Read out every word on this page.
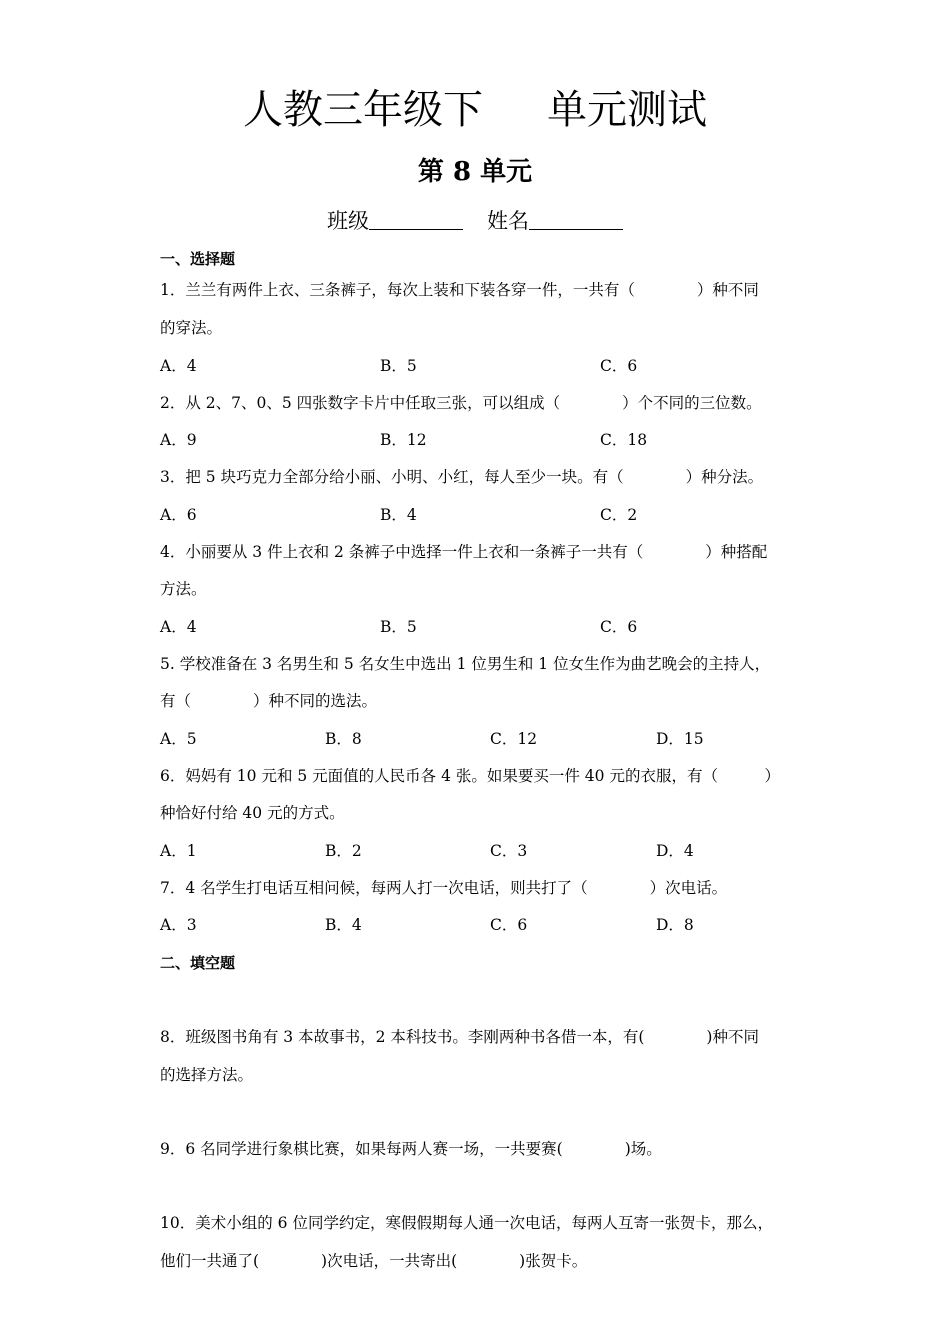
人教三年级下 单元测试
第 8 单元
班级	姓名
一、选择题
1．兰兰有两件上衣、三条裤子，每次上装和下装各穿一件，一共有（　　　　）种不同
的穿法。
A．4	B．5	C．6
2．从 2、7、0、5 四张数字卡片中任取三张，可以组成（　　　　）个不同的三位数。
A．9	B．12	C．18
3．把 5 块巧克力全部分给小丽、小明、小红，每人至少一块。有（　　　　）种分法。
A．6	B．4	C．2
4．小丽要从 3 件上衣和 2 条裤子中选择一件上衣和一条裤子一共有（　　　　）种搭配
方法。
A．4	B．5	C．6
5. 学校准备在 3 名男生和 5 名女生中选出 1 位男生和 1 位女生作为曲艺晚会的主持人，
有（　　　　）种不同的选法。
A．5	B．8	C．12	D．15
6．妈妈有 10 元和 5 元面值的人民币各 4 张。如果要买一件 40 元的衣服，有（　　　）
种恰好付给 40 元的方式。
A．1	B．2	C．3	D．4
7．4 名学生打电话互相问候，每两人打一次电话，则共打了（　　　　）次电话。
A．3	B．4	C．6	D．8
二、填空题
8．班级图书角有 3 本故事书，2 本科技书。李刚两种书各借一本，有(　　　　)种不同
的选择方法。
9．6 名同学进行象棋比赛，如果每两人赛一场，一共要赛(　　　　)场。
10．美术小组的 6 位同学约定，寒假假期每人通一次电话，每两人互寄一张贺卡，那么，
他们一共通了(　　　　)次电话，一共寄出(　　　　)张贺卡。
